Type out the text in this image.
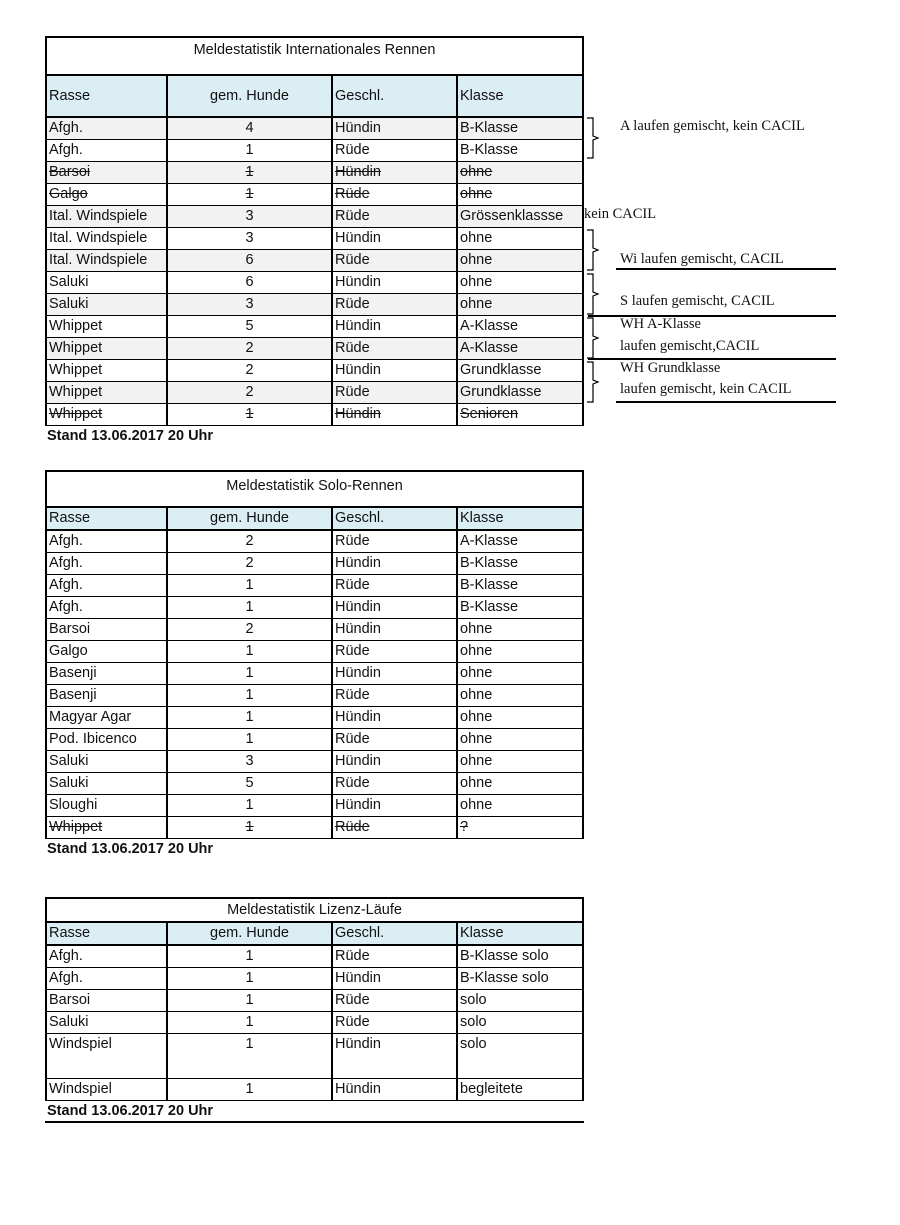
Meldestatistik Internationales Rennen			
Rasse	gem. Hunde	Geschl.	Klasse
Afgh.	4	Hündin	B-Klasse
Afgh.	1	Rüde	B-Klasse
Barsoi	1	Hündin	ohne
Galgo	1	Rüde	ohne
Ital. Windspiele	3	Rüde	Grössenklassse
Ital. Windspiele	3	Hündin	ohne
Ital. Windspiele	6	Rüde	ohne
Saluki	6	Hündin	ohne
Saluki	3	Rüde	ohne
Whippet	5	Hündin	A-Klasse
Whippet	2	Rüde	A-Klasse
Whippet	2	Hündin	Grundklasse
Whippet	2	Rüde	Grundklasse
Whippet	1	Hündin	Senioren
Stand 13.06.2017 20 Uhr
Meldestatistik Solo-Rennen			
Rasse	gem. Hunde	Geschl.	Klasse
Afgh.	2	Rüde	A-Klasse
Afgh.	2	Hündin	B-Klasse
Afgh.	1	Rüde	B-Klasse
Afgh.	1	Hündin	B-Klasse
Barsoi	2	Hündin	ohne
Galgo	1	Rüde	ohne
Basenji	1	Hündin	ohne
Basenji	1	Rüde	ohne
Magyar Agar	1	Hündin	ohne
Pod. Ibicenco	1	Rüde	ohne
Saluki	3	Hündin	ohne
Saluki	5	Rüde	ohne
Sloughi	1	Hündin	ohne
Whippet	1	Rüde	?
Stand 13.06.2017 20 Uhr
Meldestatistik Lizenz-Läufe			
Rasse	gem. Hunde	Geschl.	Klasse
Afgh.	1	Rüde	B-Klasse solo
Afgh.	1	Hündin	B-Klasse solo
Barsoi	1	Rüde	solo
Saluki	1	Rüde	solo
Windspiel	1	Hündin	solo
Windspiel	1	Hündin	begleitete
Stand 13.06.2017 20 Uhr
A laufen gemischt, kein CACIL
kein CACIL
Wi laufen gemischt, CACIL
S laufen gemischt, CACIL
WH A-Klasse
laufen gemischt,CACIL
WH Grundklasse
laufen gemischt, kein CACIL
